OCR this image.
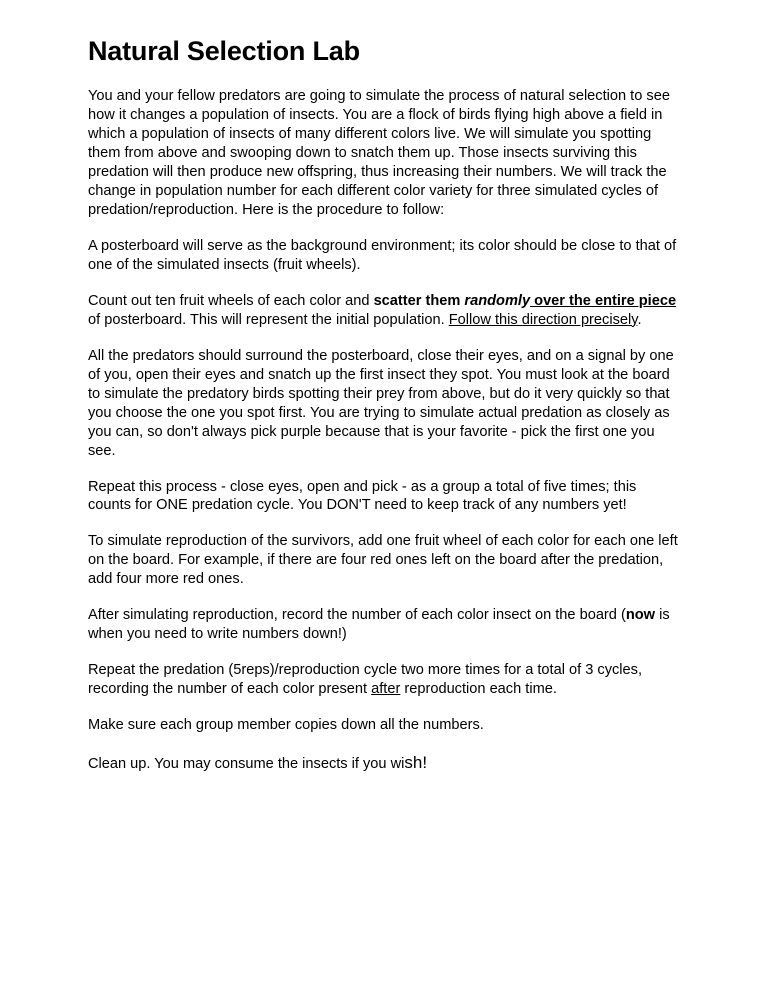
Natural Selection Lab

You and your fellow predators are going to simulate the process of natural selection to see how it changes a population of insects. You are a flock of birds flying high above a field in which a population of insects of many different colors live. We will simulate you spotting them from above and swooping down to snatch them up. Those insects surviving this predation will then produce new offspring, thus increasing their numbers. We will track the change in population number for each different color variety for three simulated cycles of predation/reproduction. Here is the procedure to follow:

A posterboard will serve as the background environment; its color should be close to that of one of the simulated insects (fruit wheels).

Count out ten fruit wheels of each color and scatter them randomly over the entire piece of posterboard. This will represent the initial population. Follow this direction precisely.

All the predators should surround the posterboard, close their eyes, and on a signal by one of you, open their eyes and snatch up the first insect they spot. You must look at the board to simulate the predatory birds spotting their prey from above, but do it very quickly so that you choose the one you spot first. You are trying to simulate actual predation as closely as you can, so don't always pick purple because that is your favorite - pick the first one you see.

Repeat this process - close eyes, open and pick - as a group a total of five times; this counts for ONE predation cycle. You DON'T need to keep track of any numbers yet!

To simulate reproduction of the survivors, add one fruit wheel of each color for each one left on the board. For example, if there are four red ones left on the board after the predation, add four more red ones.

After simulating reproduction, record the number of each color insect on the board (now is when you need to write numbers down!)

Repeat the predation (5reps)/reproduction cycle two more times for a total of 3 cycles, recording the number of each color present after reproduction each time.

Make sure each group member copies down all the numbers.

Clean up. You may consume the insects if you wish!
